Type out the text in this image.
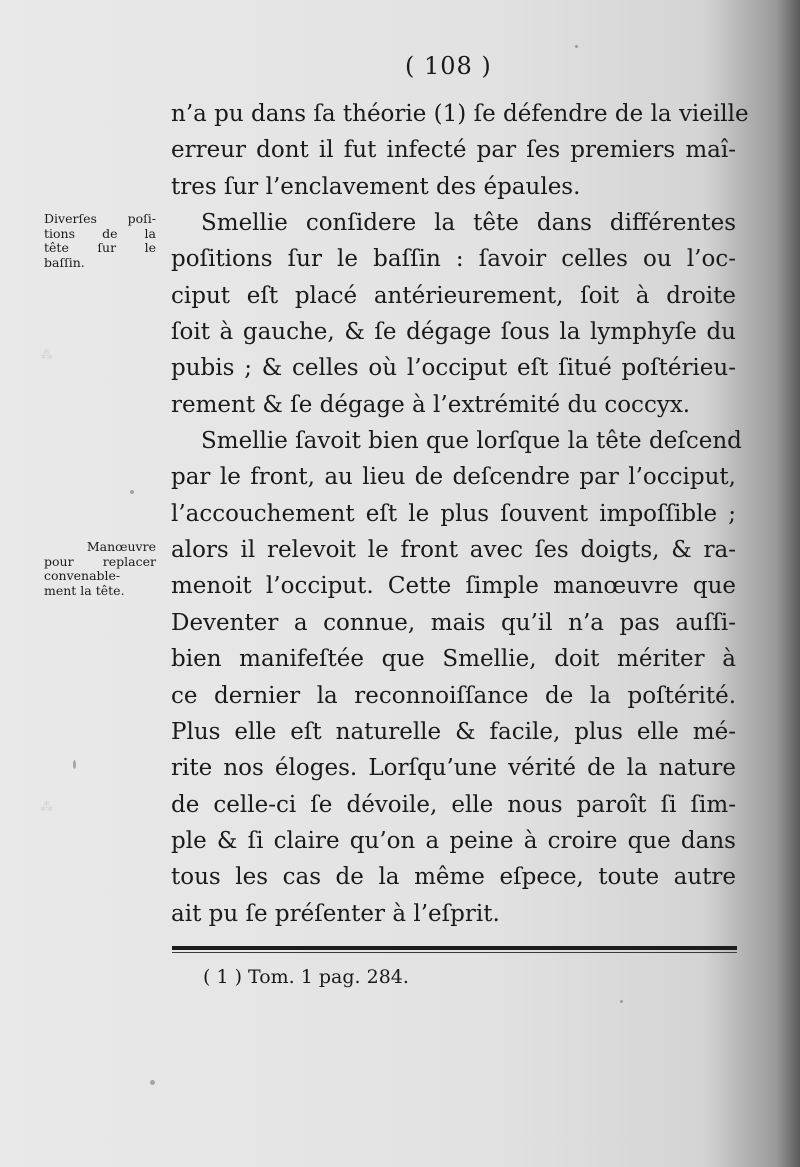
( 108 )
⁂
⁂
Diverſes poſi-
tions de la
tête ſur le
baſſin.
Manœuvre
pour replacer
convenable-
ment la tête.
n’a pu dans ſa théorie (1) ſe défendre de la vieille
erreur dont il fut infecté par ſes premiers maî-
tres ſur l’enclavement des épaules.
Smellie conſidere la tête dans différentes
poſitions ſur le baſſin : ſavoir celles ou l’oc-
ciput eſt placé antérieurement, ſoit à droite
ſoit à gauche, & ſe dégage ſous la lymphyſe du
pubis ; & celles où l’occiput eſt ſitué poſtérieu-
rement & ſe dégage à l’extrémité du coccyx.
Smellie ſavoit bien que lorſque la tête deſcend
par le front, au lieu de deſcendre par l’occiput,
l’accouchement eſt le plus ſouvent impoſſible ;
alors il relevoit le front avec ſes doigts, & ra-
menoit l’occiput. Cette ſimple manœuvre que
Deventer a connue, mais qu’il n’a pas auſſi-
bien manifeſtée que Smellie, doit mériter à
ce dernier la reconnoiſſance de la poſtérité.
Plus elle eſt naturelle & facile, plus elle mé-
rite nos éloges. Lorſqu’une vérité de la nature
de celle-ci ſe dévoile, elle nous paroît ſi ſim-
ple & ſi claire qu’on a peine à croire que dans
tous les cas de la même eſpece, toute autre
ait pu ſe préſenter à l’eſprit.
( 1 ) Tom. 1 pag. 284.
